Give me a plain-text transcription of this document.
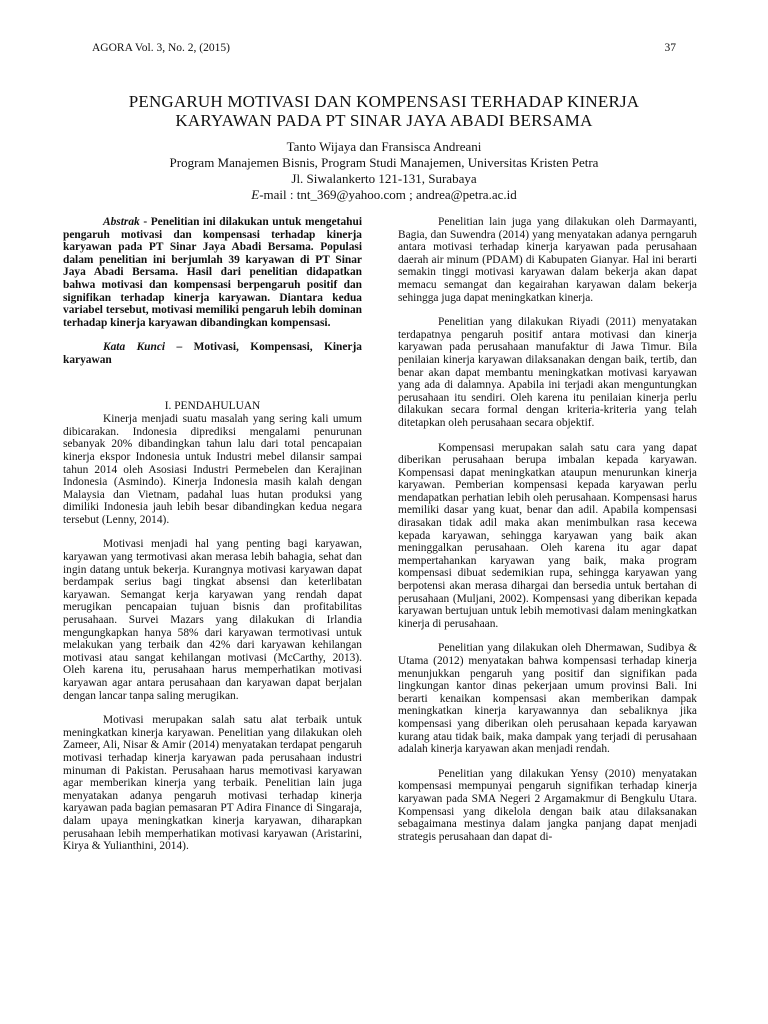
AGORA Vol. 3, No. 2, (2015)	37
PENGARUH MOTIVASI DAN KOMPENSASI TERHADAP KINERJA
KARYAWAN PADA PT SINAR JAYA ABADI BERSAMA
Tanto Wijaya dan Fransisca Andreani
Program Manajemen Bisnis, Program Studi Manajemen, Universitas Kristen Petra
Jl. Siwalankerto 121-131, Surabaya
E-mail : tnt_369@yahoo.com ; andrea@petra.ac.id

Abstrak - Penelitian ini dilakukan untuk mengetahui pengaruh motivasi dan kompensasi terhadap kinerja karyawan pada PT Sinar Jaya Abadi Bersama. Populasi dalam penelitian ini berjumlah 39 karyawan di PT Sinar Jaya Abadi Bersama. Hasil dari penelitian didapatkan bahwa motivasi dan kompensasi berpengaruh positif dan signifikan terhadap kinerja karyawan. Diantara kedua variabel tersebut, motivasi memiliki pengaruh lebih dominan terhadap kinerja karyawan dibandingkan kompensasi.

Kata Kunci – Motivasi, Kompensasi, Kinerja karyawan

I. PENDAHULUAN

Kinerja menjadi suatu masalah yang sering kali umum dibicarakan. Indonesia diprediksi mengalami penurunan sebanyak 20% dibandingkan tahun lalu dari total pencapaian kinerja ekspor Indonesia untuk Industri mebel dilansir sampai tahun 2014 oleh Asosiasi Industri Permebelen dan Kerajinan Indonesia (Asmindo). Kinerja Indonesia masih kalah dengan Malaysia dan Vietnam, padahal luas hutan produksi yang dimiliki Indonesia jauh lebih besar dibandingkan kedua negara tersebut (Lenny, 2014).

Motivasi menjadi hal yang penting bagi karyawan, karyawan yang termotivasi akan merasa lebih bahagia, sehat dan ingin datang untuk bekerja. Kurangnya motivasi karyawan dapat berdampak serius bagi tingkat absensi dan keterlibatan karyawan. Semangat kerja karyawan yang rendah dapat merugikan pencapaian tujuan bisnis dan profitabilitas perusahaan. Survei Mazars yang dilakukan di Irlandia mengungkapkan hanya 58% dari karyawan termotivasi untuk melakukan yang terbaik dan 42% dari karyawan kehilangan motivasi atau sangat kehilangan motivasi (McCarthy, 2013). Oleh karena itu, perusahaan harus memperhatikan motivasi karyawan agar antara perusahaan dan karyawan dapat berjalan dengan lancar tanpa saling merugikan.

Motivasi merupakan salah satu alat terbaik untuk meningkatkan kinerja karyawan. Penelitian yang dilakukan oleh Zameer, Ali, Nisar & Amir (2014) menyatakan terdapat pengaruh motivasi terhadap kinerja karyawan pada perusahaan industri minuman di Pakistan. Perusahaan harus memotivasi karyawan agar memberikan kinerja yang terbaik. Penelitian lain juga menyatakan adanya pengaruh motivasi terhadap kinerja karyawan pada bagian pemasaran PT Adira Finance di Singaraja, dalam upaya meningkatkan kinerja karyawan, diharapkan perusahaan lebih memperhatikan motivasi karyawan (Aristarini, Kirya & Yulianthini, 2014).

Penelitian lain juga yang dilakukan oleh Darmayanti, Bagia, dan Suwendra (2014) yang menyatakan adanya perngaruh antara motivasi terhadap kinerja karyawan pada perusahaan daerah air minum (PDAM) di Kabupaten Gianyar. Hal ini berarti semakin tinggi motivasi karyawan dalam bekerja akan dapat memacu semangat dan kegairahan karyawan dalam bekerja sehingga juga dapat meningkatkan kinerja.

Penelitian yang dilakukan Riyadi (2011) menyatakan terdapatnya pengaruh positif antara motivasi dan kinerja karyawan pada perusahaan manufaktur di Jawa Timur. Bila penilaian kinerja karyawan dilaksanakan dengan baik, tertib, dan benar akan dapat membantu meningkatkan motivasi karyawan yang ada di dalamnya. Apabila ini terjadi akan menguntungkan perusahaan itu sendiri. Oleh karena itu penilaian kinerja perlu dilakukan secara formal dengan kriteria-kriteria yang telah ditetapkan oleh perusahaan secara objektif.

Kompensasi merupakan salah satu cara yang dapat diberikan perusahaan berupa imbalan kepada karyawan. Kompensasi dapat meningkatkan ataupun menurunkan kinerja karyawan. Pemberian kompensasi kepada karyawan perlu mendapatkan perhatian lebih oleh perusahaan. Kompensasi harus memiliki dasar yang kuat, benar dan adil. Apabila kompensasi dirasakan tidak adil maka akan menimbulkan rasa kecewa kepada karyawan, sehingga karyawan yang baik akan meninggalkan perusahaan. Oleh karena itu agar dapat mempertahankan karyawan yang baik, maka program kompensasi dibuat sedemikian rupa, sehingga karyawan yang berpotensi akan merasa dihargai dan bersedia untuk bertahan di perusahaan (Muljani, 2002). Kompensasi yang diberikan kepada karyawan bertujuan untuk lebih memotivasi dalam meningkatkan kinerja di perusahaan.

Penelitian yang dilakukan oleh Dhermawan, Sudibya & Utama (2012) menyatakan bahwa kompensasi terhadap kinerja menunjukkan pengaruh yang positif dan signifikan pada lingkungan kantor dinas pekerjaan umum provinsi Bali. Ini berarti kenaikan kompensasi akan memberikan dampak meningkatkan kinerja karyawannya dan sebaliknya jika kompensasi yang diberikan oleh perusahaan kepada karyawan kurang atau tidak baik, maka dampak yang terjadi di perusahaan adalah kinerja karyawan akan menjadi rendah.

Penelitian yang dilakukan Yensy (2010) menyatakan kompensasi mempunyai pengaruh signifikan terhadap kinerja karyawan pada SMA Negeri 2 Argamakmur di Bengkulu Utara. Kompensasi yang dikelola dengan baik atau dilaksanakan sebagaimana mestinya dalam jangka panjang dapat menjadi strategis perusahaan dan dapat di-
